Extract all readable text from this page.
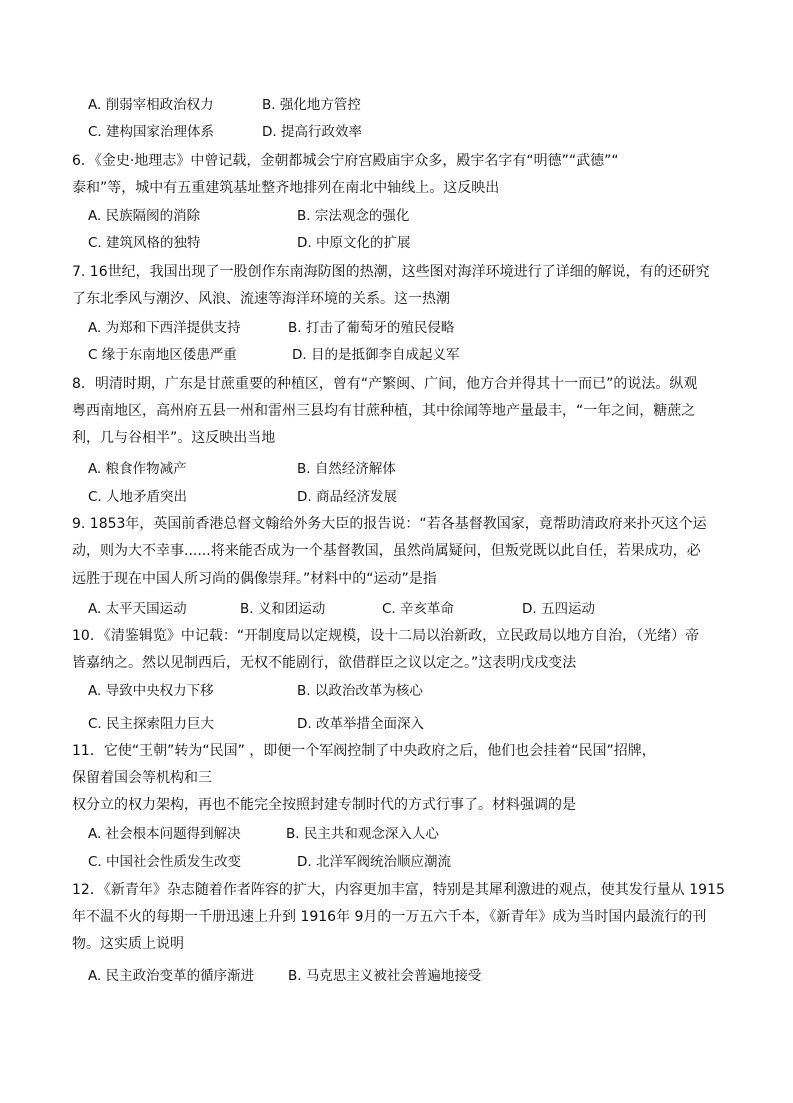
A. 削弱宰相政治权力	B. 强化地方管控
C. 建构国家治理体系	D. 提高行政效率
6．《金史·地理志》中曾记载，金朝都城会宁府宫殿庙宇众多，殿宇名字有“明德”“武德”“
泰和”等，城中有五重建筑基址整齐地排列在南北中轴线上。这反映出
A. 民族隔阂的消除	B. 宗法观念的强化
C. 建筑风格的独特	D. 中原文化的扩展
7. 16世纪，我国出现了一股创作东南海防图的热潮，这些图对海洋环境进行了详细的解说，有的还研究
了东北季风与潮汐、风浪、流速等海洋环境的关系。这一热潮
A. 为郑和下西洋提供支持	B. 打击了葡萄牙的殖民侵略
C 缘于东南地区倭患严重	D. 目的是抵御李自成起义军
8．明清时期，广东是甘蔗重要的种植区，曾有“产繁闽、广间，他方合并得其十一而已”的说法。纵观
粤西南地区，高州府五县一州和雷州三县均有甘蔗种植，其中徐闻等地产量最丰，“一年之间，糖蔗之
利，几与谷相半”。这反映出当地
A. 粮食作物减产	B. 自然经济解体
C. 人地矛盾突出	D. 商品经济发展
9. 1853年，英国前香港总督文翰给外务大臣的报告说：“若各基督教国家，竟帮助清政府来扑灭这个运
动，则为大不幸事......将来能否成为一个基督教国，虽然尚属疑问，但叛党既以此自任，若果成功，必
远胜于现在中国人所习尚的偶像崇拜。”材料中的“运动”是指
A. 太平天国运动	B. 义和团运动	C. 辛亥革命	D. 五四运动
10．《清鉴辑览》中记载：“开制度局以定规模，设十二局以治新政，立民政局以地方自治，（光绪）帝
皆嘉纳之。然以见制西后，无权不能剧行，欲借群臣之议以定之。”这表明戊戌变法
A. 导致中央权力下移	B. 以政治改革为核心
C. 民主探索阻力巨大	D. 改革举措全面深入
11．它使“王朝”转为“民国” ，即便一个军阀控制了中央政府之后，他们也会挂着“民国”招牌，
保留着国会等机构和三
权分立的权力架构，再也不能完全按照封建专制时代的方式行事了。材料强调的是
A. 社会根本问题得到解决	B. 民主共和观念深入人心
C. 中国社会性质发生改变	D. 北洋军阀统治顺应潮流
12．《新青年》杂志随着作者阵容的扩大，内容更加丰富，特别是其犀利激进的观点，使其发行量从 1915
年不温不火的每期一千册迅速上升到 1916年 9月的一万五六千本，《新青年》成为当时国内最流行的刊
物。这实质上说明
A. 民主政治变革的循序渐进	B. 马克思主义被社会普遍地接受
